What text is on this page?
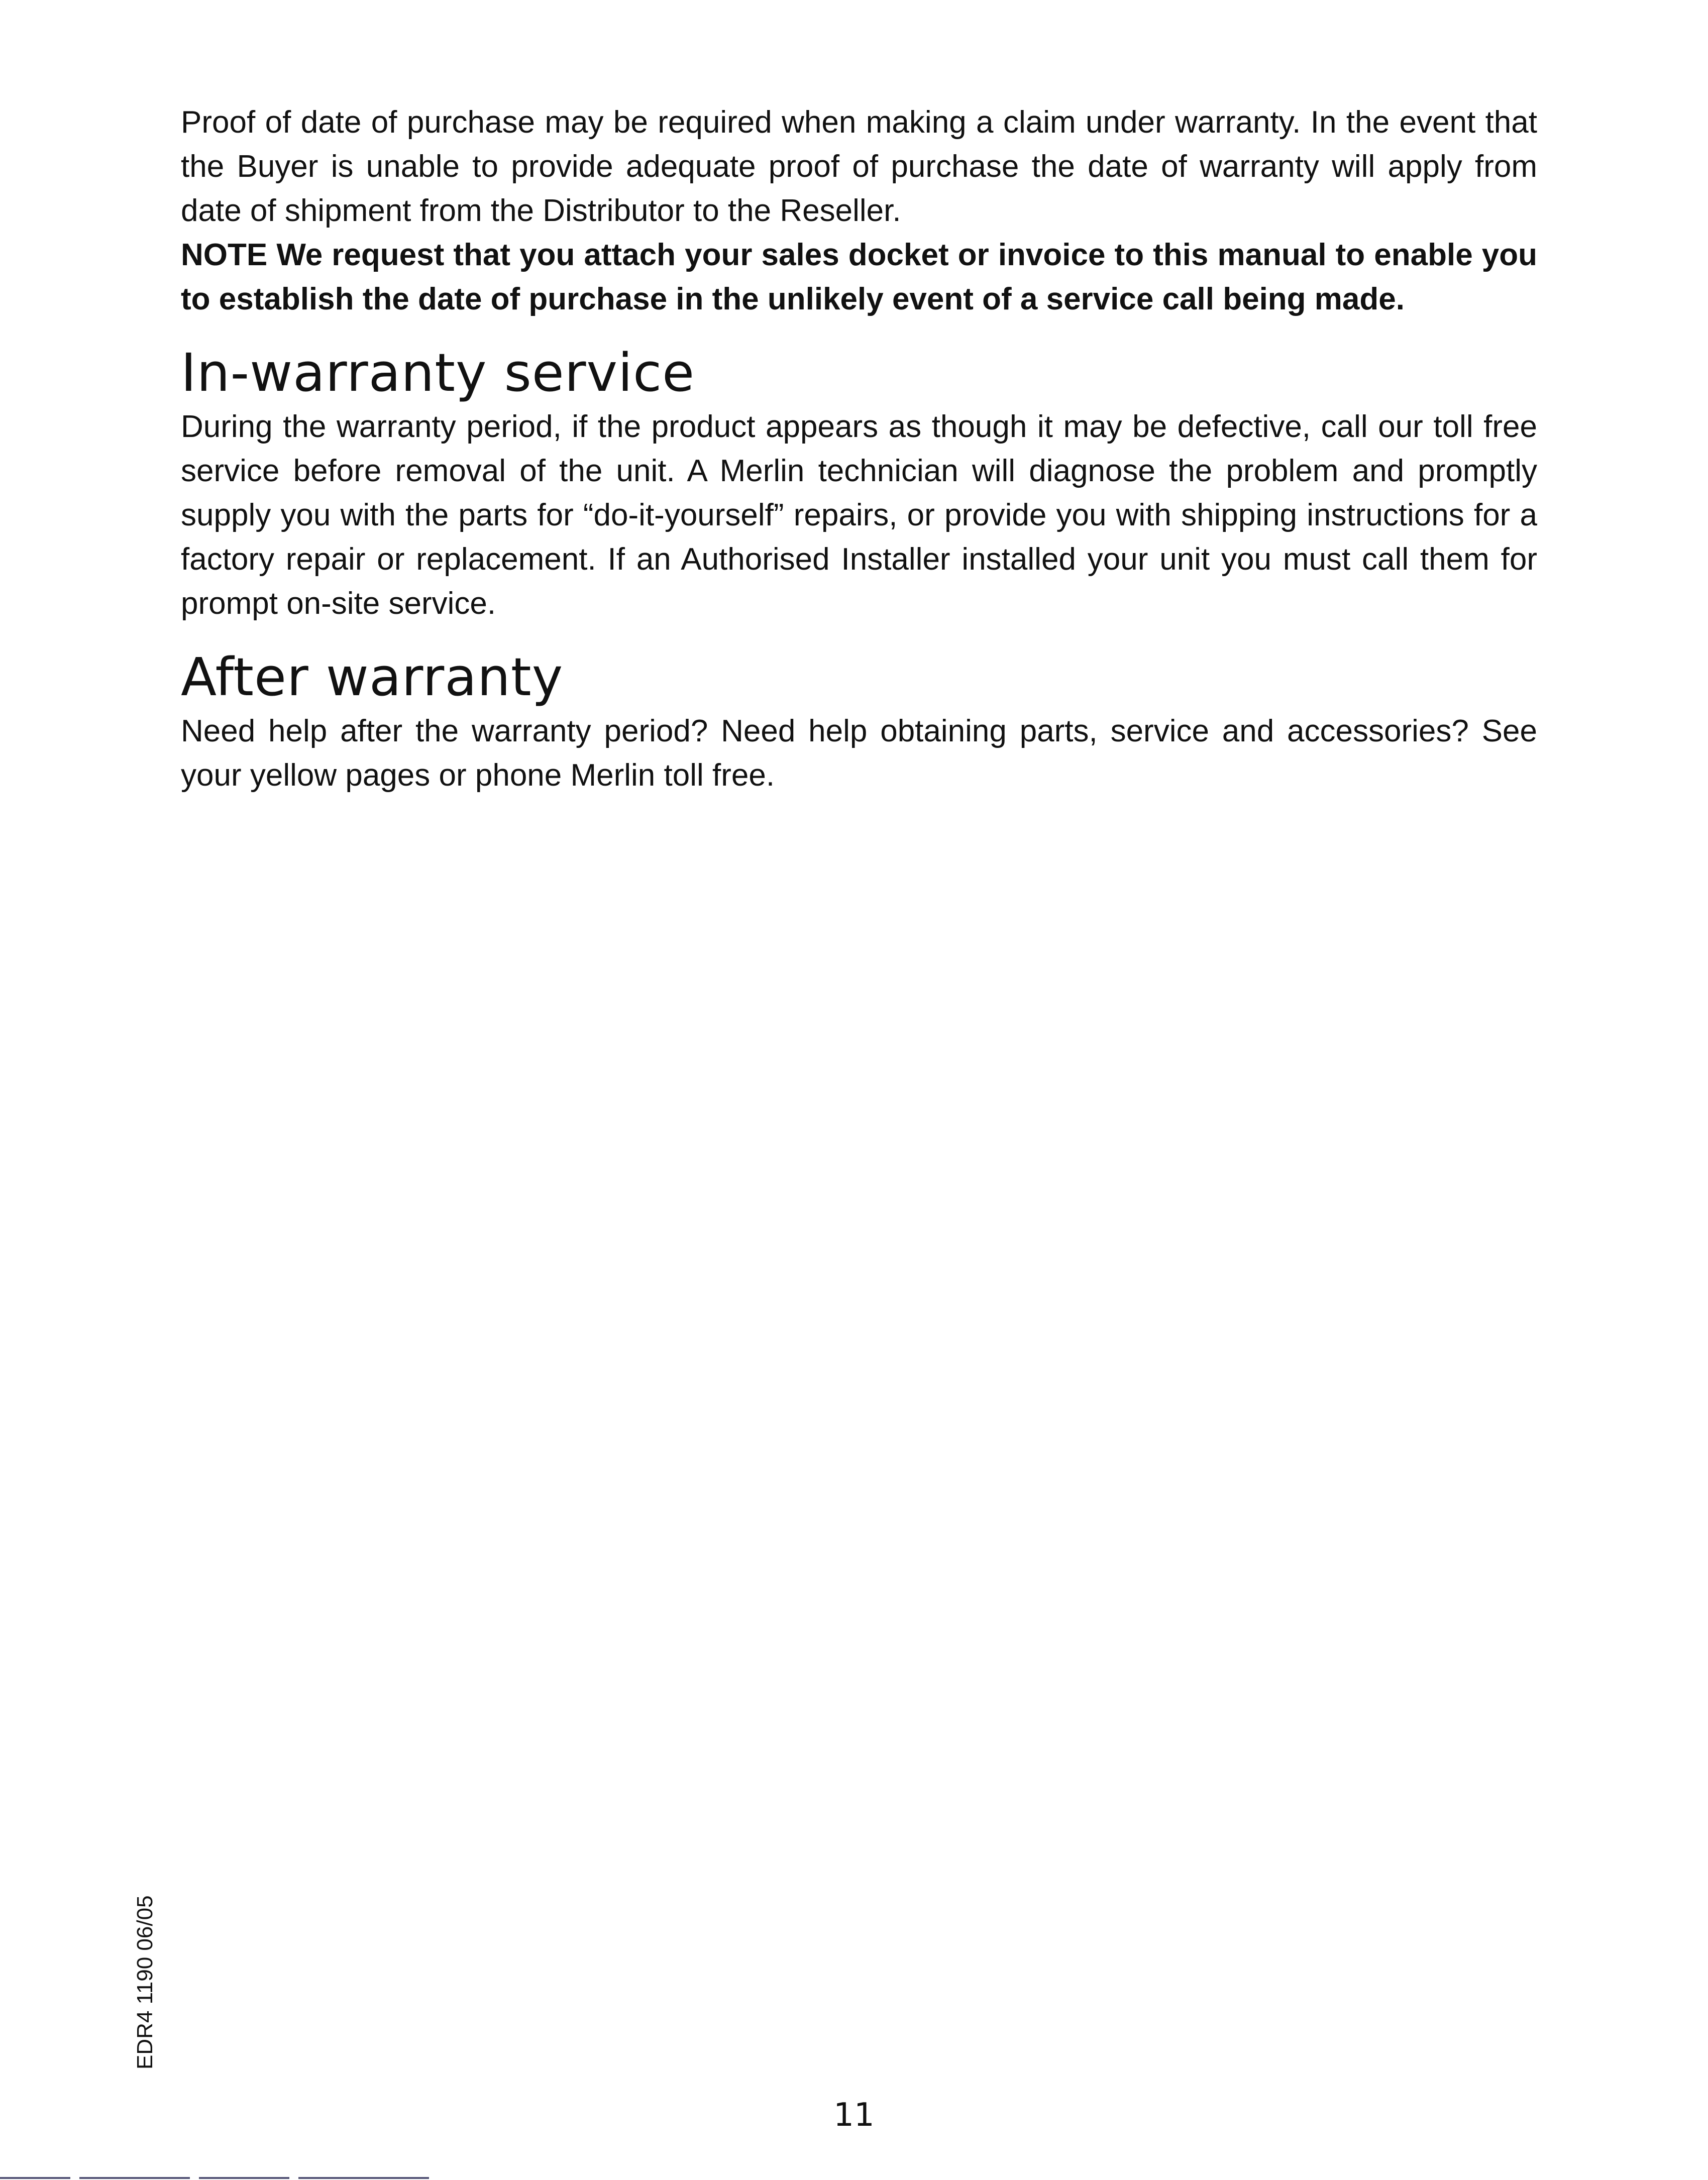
Proof of date of purchase may be required when making a claim under warranty. In the event that the Buyer is unable to provide adequate proof of purchase the date of warranty will apply from date of shipment from the Distributor to the Reseller.

NOTE We request that you attach your sales docket or invoice to this manual to enable you to establish the date of purchase in the unlikely event of a service call being made.

In-warranty service

During the warranty period, if the product appears as though it may be defective, call our toll free service before removal of the unit. A Merlin technician will diagnose the problem and promptly supply you with the parts for “do-it-yourself” repairs, or provide you with shipping instructions for a factory repair or replacement. If an Authorised Installer installed your unit you must call them for prompt on-site service.

After warranty

Need help after the warranty period? Need help obtaining parts, service and accessories? See your yellow pages or phone Merlin toll free.

EDR4 1190 06/05
11
